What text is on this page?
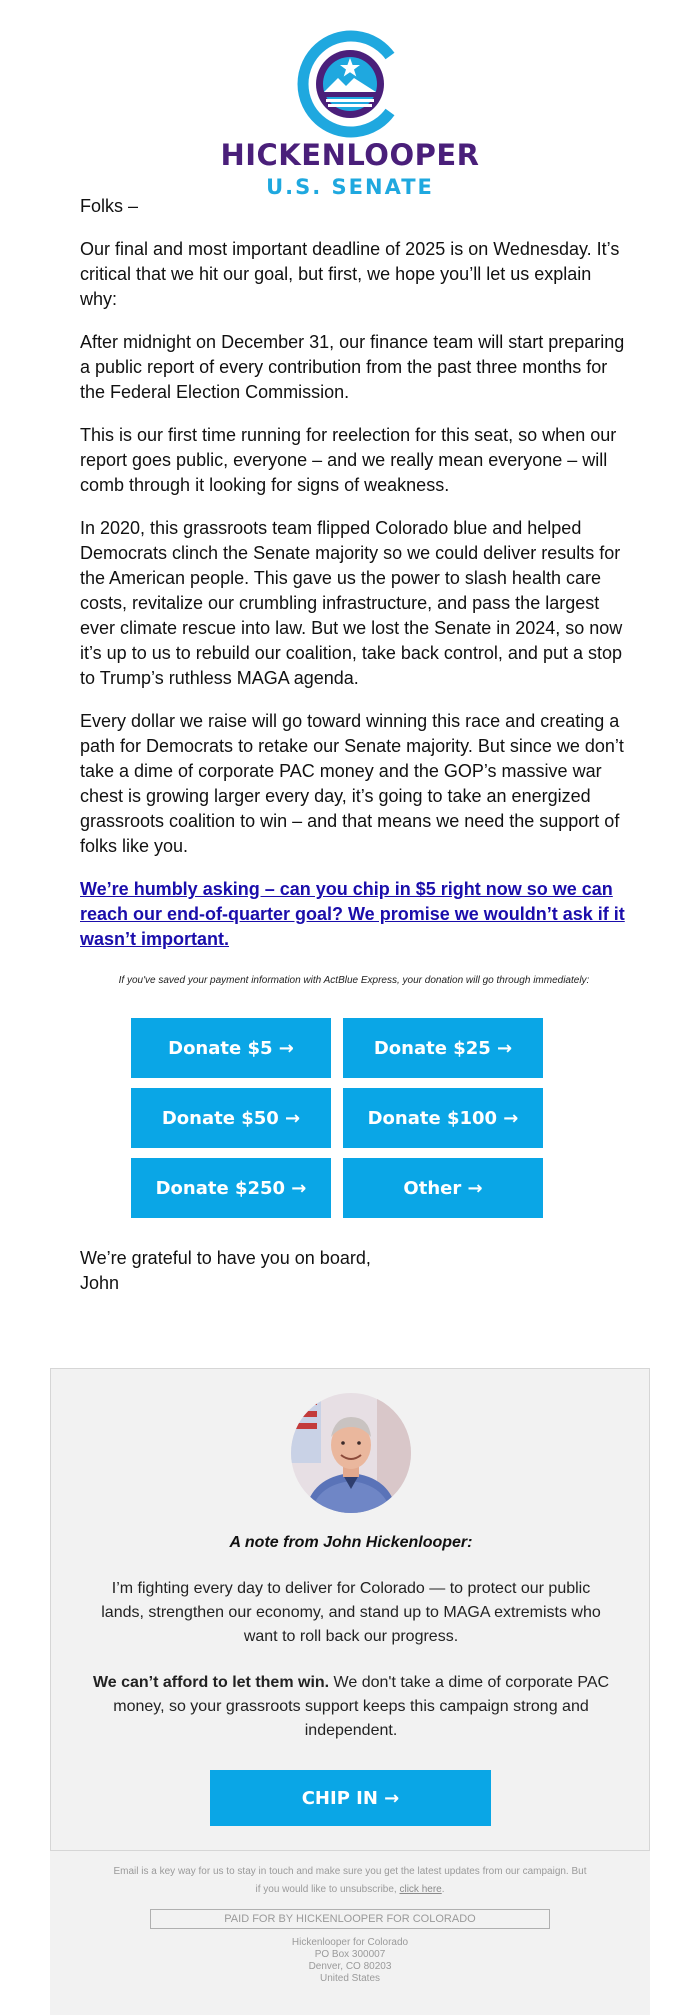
HICKENLOOPER
U.S. SENATE

Folks –

Our final and most important deadline of 2025 is on Wednesday. It’s critical that we hit our goal, but first, we hope you’ll let us explain why:

After midnight on December 31, our finance team will start preparing a public report of every contribution from the past three months for the Federal Election Commission.

This is our first time running for reelection for this seat, so when our report goes public, everyone – and we really mean everyone – will comb through it looking for signs of weakness.

In 2020, this grassroots team flipped Colorado blue and helped Democrats clinch the Senate majority so we could deliver results for the American people. This gave us the power to slash health care costs, revitalize our crumbling infrastructure, and pass the largest ever climate rescue into law. But we lost the Senate in 2024, so now it’s up to us to rebuild our coalition, take back control, and put a stop to Trump’s ruthless MAGA agenda.

Every dollar we raise will go toward winning this race and creating a path for Democrats to retake our Senate majority. But since we don’t take a dime of corporate PAC money and the GOP’s massive war chest is growing larger every day, it’s going to take an energized grassroots coalition to win – and that means we need the support of folks like you.

We’re humbly asking – can you chip in $5 right now so we can reach our end-of-quarter goal? We promise we wouldn’t ask if it wasn’t important.

If you've saved your payment information with ActBlue Express, your donation will go through immediately:
Donate $5 →	Donate $25 →
Donate $50 →	Donate $100 →
Donate $250 →	Other →
We’re grateful to have you on board,
John
A note from John Hickenlooper:

I’m fighting every day to deliver for Colorado — to protect our public lands, strengthen our economy, and stand up to MAGA extremists who want to roll back our progress.

We can’t afford to let them win. We don't take a dime of corporate PAC money, so your grassroots support keeps this campaign strong and independent.

CHIP IN →
Email is a key way for us to stay in touch and make sure you get the latest updates from our campaign. But if you would like to unsubscribe, click here.
PAID FOR BY HICKENLOOPER FOR COLORADO
Hickenlooper for Colorado
PO Box 300007
Denver, CO 80203
United States
